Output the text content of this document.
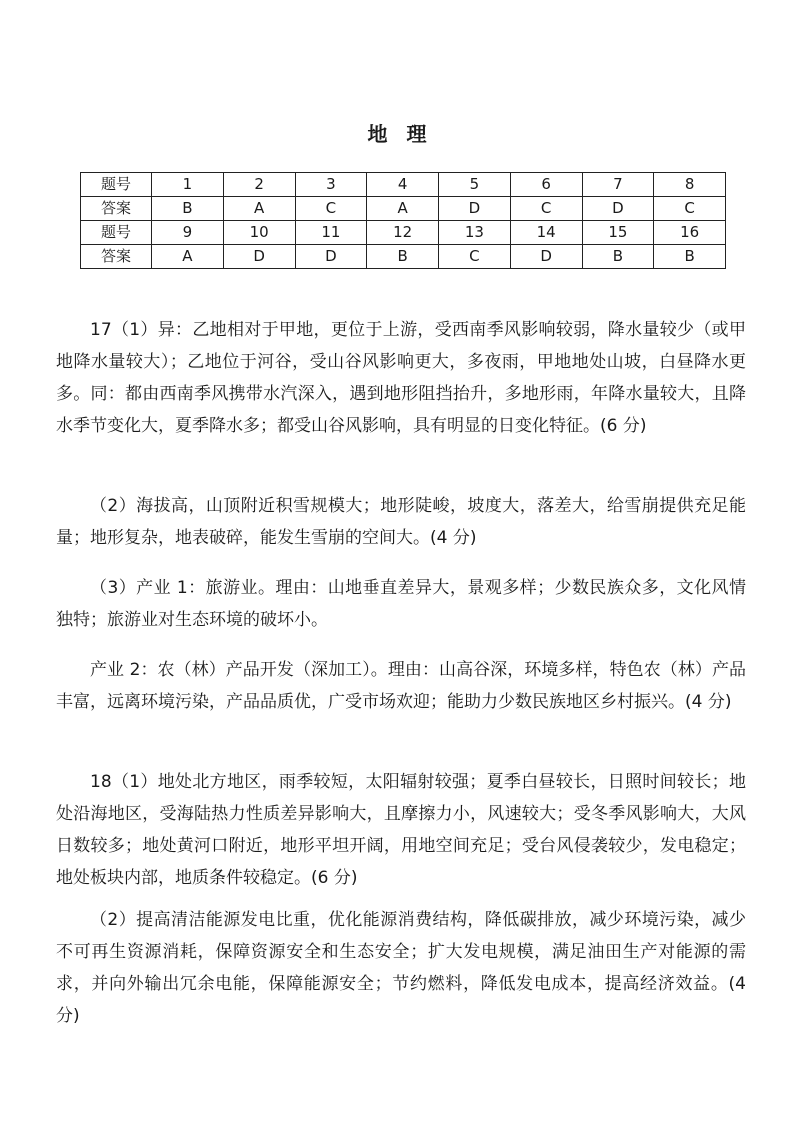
地 理
题号	1	2	3	4	5	6	7	8
答案	B	A	C	A	D	C	D	C
题号	9	10	11	12	13	14	15	16
答案	A	D	D	B	C	D	B	B

17（1）异：乙地相对于甲地，更位于上游，受西南季风影响较弱，降水量较少（或甲地降水量较大）；乙地位于河谷，受山谷风影响更大，多夜雨，甲地地处山坡，白昼降水更多。同：都由西南季风携带水汽深入，遇到地形阻挡抬升，多地形雨，年降水量较大，且降水季节变化大，夏季降水多；都受山谷风影响，具有明显的日变化特征。(6 分)

（2）海拔高，山顶附近积雪规模大；地形陡峻，坡度大，落差大，给雪崩提供充足能量；地形复杂，地表破碎，能发生雪崩的空间大。(4 分)

（3）产业 1：旅游业。理由：山地垂直差异大，景观多样；少数民族众多，文化风情独特；旅游业对生态环境的破坏小。

产业 2：农（林）产品开发（深加工）。理由：山高谷深，环境多样，特色农（林）产品丰富，远离环境污染，产品品质优，广受市场欢迎；能助力少数民族地区乡村振兴。(4 分)

18（1）地处北方地区，雨季较短，太阳辐射较强；夏季白昼较长，日照时间较长；地处沿海地区，受海陆热力性质差异影响大，且摩擦力小，风速较大；受冬季风影响大，大风日数较多；地处黄河口附近，地形平坦开阔，用地空间充足；受台风侵袭较少，发电稳定；地处板块内部，地质条件较稳定。(6 分)

（2）提高清洁能源发电比重，优化能源消费结构，降低碳排放，减少环境污染，减少不可再生资源消耗，保障资源安全和生态安全；扩大发电规模，满足油田生产对能源的需求，并向外输出冗余电能，保障能源安全；节约燃料，降低发电成本，提高经济效益。(4 分)
